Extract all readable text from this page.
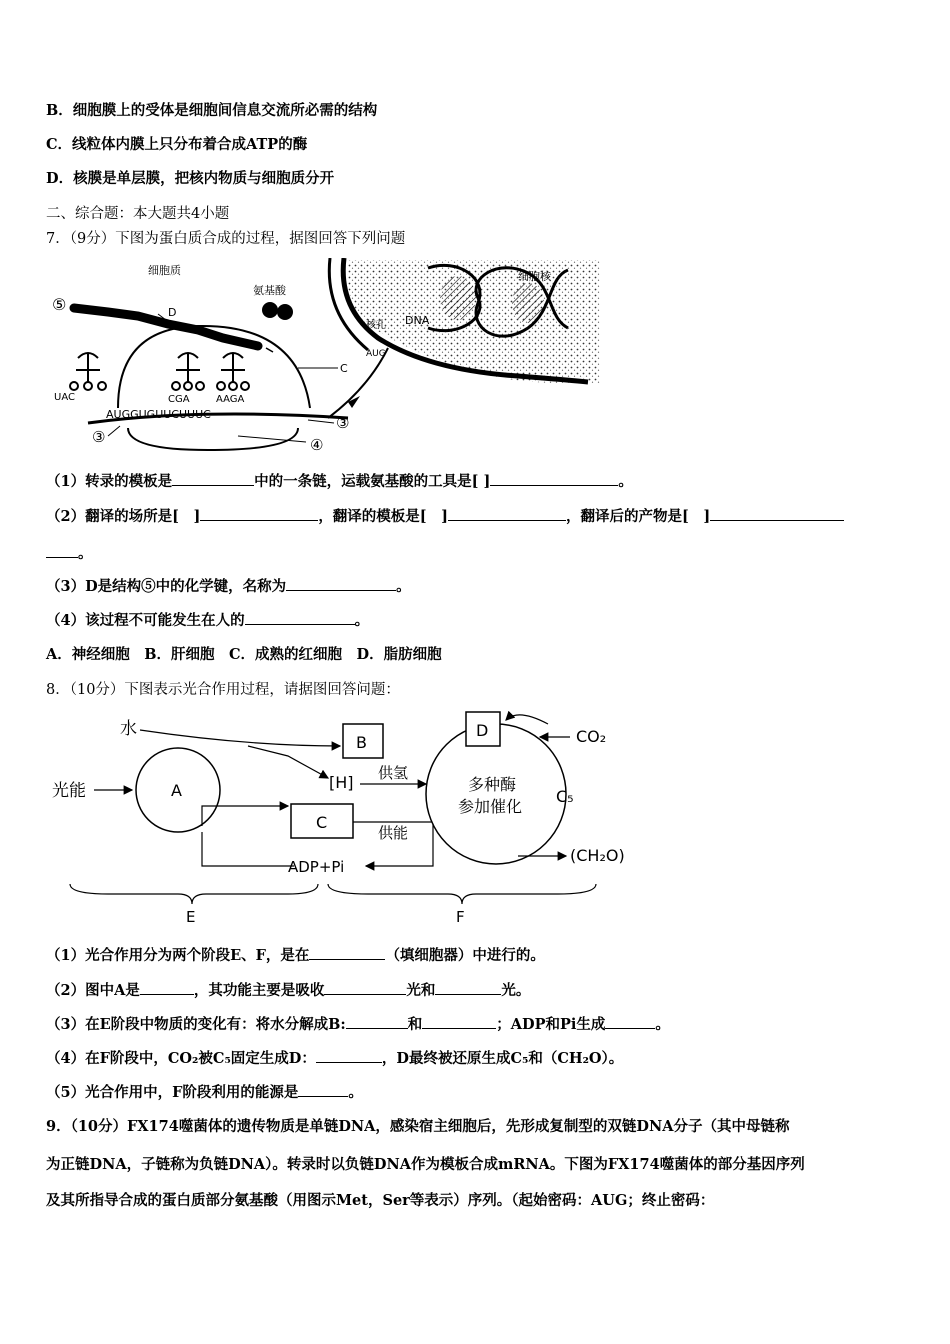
B．细胞膜上的受体是细胞间信息交流所必需的结构
C．线粒体内膜上只分布着合成ATP的酶
D．核膜是单层膜，把核内物质与细胞质分开
二、综合题：本大题共4小题
7．（9分）下图为蛋白质合成的过程，据图回答下列问题
细胞核
核孔 DNA
AUG
细胞质
氨基酸
⑤	D
C
UAC	CGA	AAGA
AUGGUGUUCUUUC
③	④
③
（1）转录的模板是	中的一条链，运载氨基酸的工具是[ ]	。
（2）翻译的场所是[　]	，翻译的模板是[　]	，翻译后的产物是[　]
。
（3）D是结构⑤中的化学键，名称为	。
（4）该过程不可能发生在人的	。
A．神经细胞　B．肝细胞　C．成熟的红细胞　D．脂肪细胞
8．（10分）下图表示光合作用过程，请据图回答问题：
水
B
[H] 供氢
光能	A
C
供能
ADP+Pi
D
多种酶
参加催化
CO₂
C₅
(CH₂O)
E	F
（1）光合作用分为两个阶段E、F，是在	（填细胞器）中进行的。
（2）图中A是	，其功能主要是吸收	光和	光。
（3）在E阶段中物质的变化有：将水分解成B:	和	；ADP和Pi生成	。
（4）在F阶段中，CO₂被C₅固定生成D：	，D最终被还原生成C₅和（CH₂O）。
（5）光合作用中，F阶段利用的能源是	。
9．（10分）FX174噬菌体的遗传物质是单链DNA，感染宿主细胞后，先形成复制型的双链DNA分子（其中母链称
为正链DNA，子链称为负链DNA）。转录时以负链DNA作为模板合成mRNA。下图为FX174噬菌体的部分基因序列
及其所指导合成的蛋白质部分氨基酸（用图示Met，Ser等表示）序列。（起始密码：AUG；终止密码：
